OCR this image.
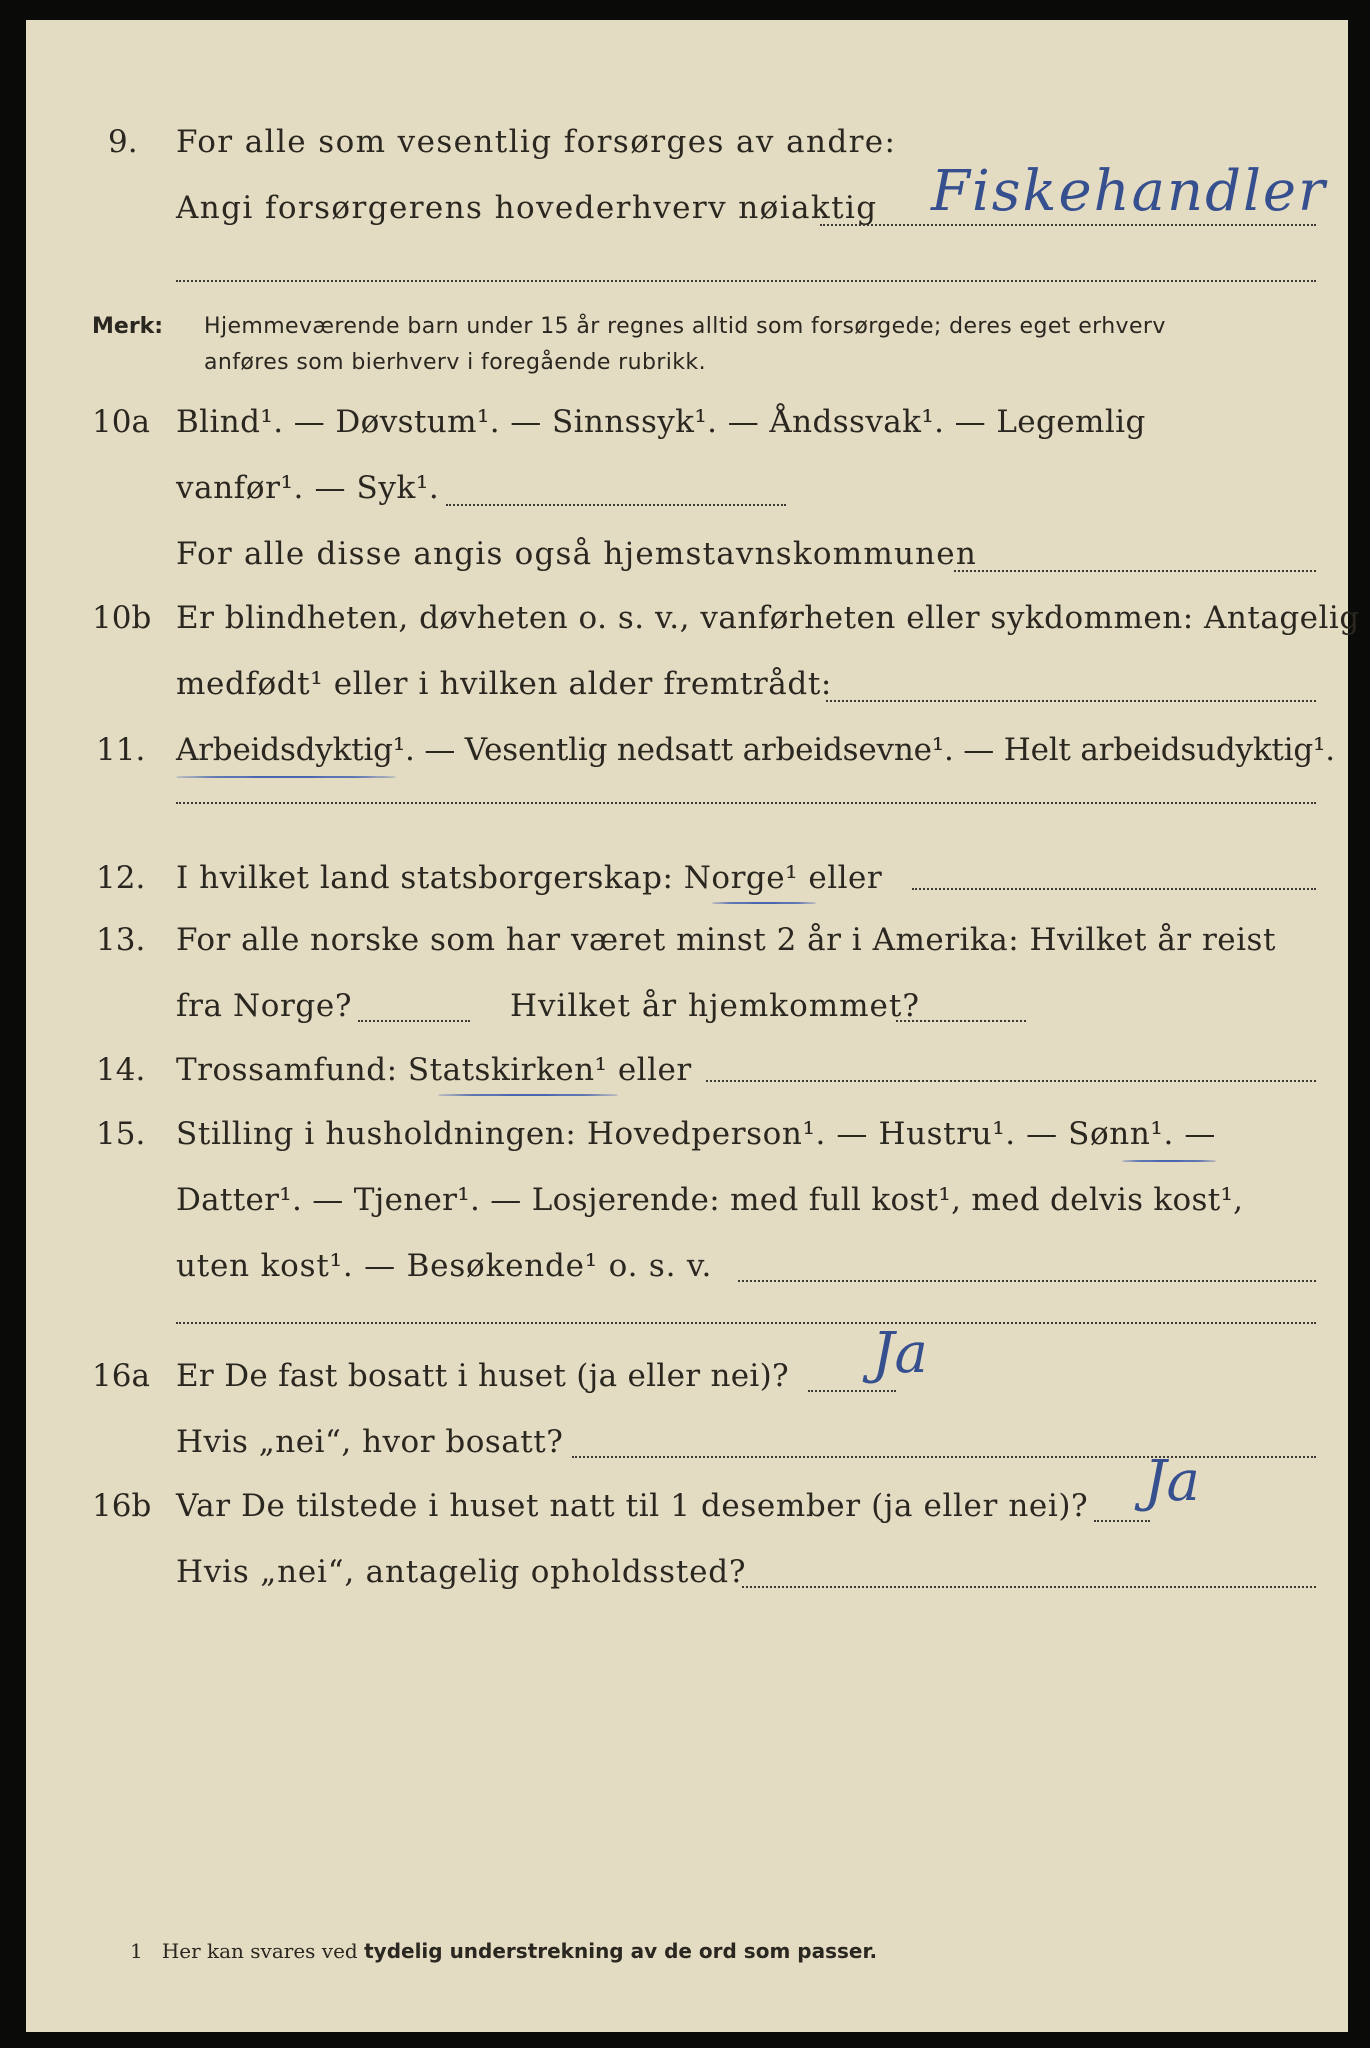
9. For alle som vesentlig forsørges av andre:
Angi forsørgerens hovederhverv nøiaktig Fiskehandler
Merk: Hjemmeværende barn under 15 år regnes alltid som forsørgede; deres eget erhverv
anføres som bierhverv i foregående rubrikk.
10a Blind¹. — Døvstum¹. — Sinnssyk¹. — Åndssvak¹. — Legemlig
vanfør¹. — Syk¹.
For alle disse angis også hjemstavnskommunen
10b Er blindheten, døvheten o. s. v., vanførheten eller sykdommen: Antagelig
medfødt¹ eller i hvilken alder fremtrådt:
11. Arbeidsdyktig¹. — Vesentlig nedsatt arbeidsevne¹. — Helt arbeidsudyktig¹.
12. I hvilket land statsborgerskap: Norge¹ eller
13. For alle norske som har været minst 2 år i Amerika: Hvilket år reist
fra Norge?	Hvilket år hjemkommet?
14. Trossamfund: Statskirken¹ eller
15. Stilling i husholdningen: Hovedperson¹. — Hustru¹. — Sønn¹. —
Datter¹. — Tjener¹. — Losjerende: med full kost¹, med delvis kost¹,
uten kost¹. — Besøkende¹ o. s. v.
16a Er De fast bosatt i huset (ja eller nei)? Ja
Hvis „nei“, hvor bosatt?
16b Var De tilstede i huset natt til 1 desember (ja eller nei)? Ja
Hvis „nei“, antagelig opholdssted?
1 Her kan svares ved tydelig understrekning av de ord som passer.
